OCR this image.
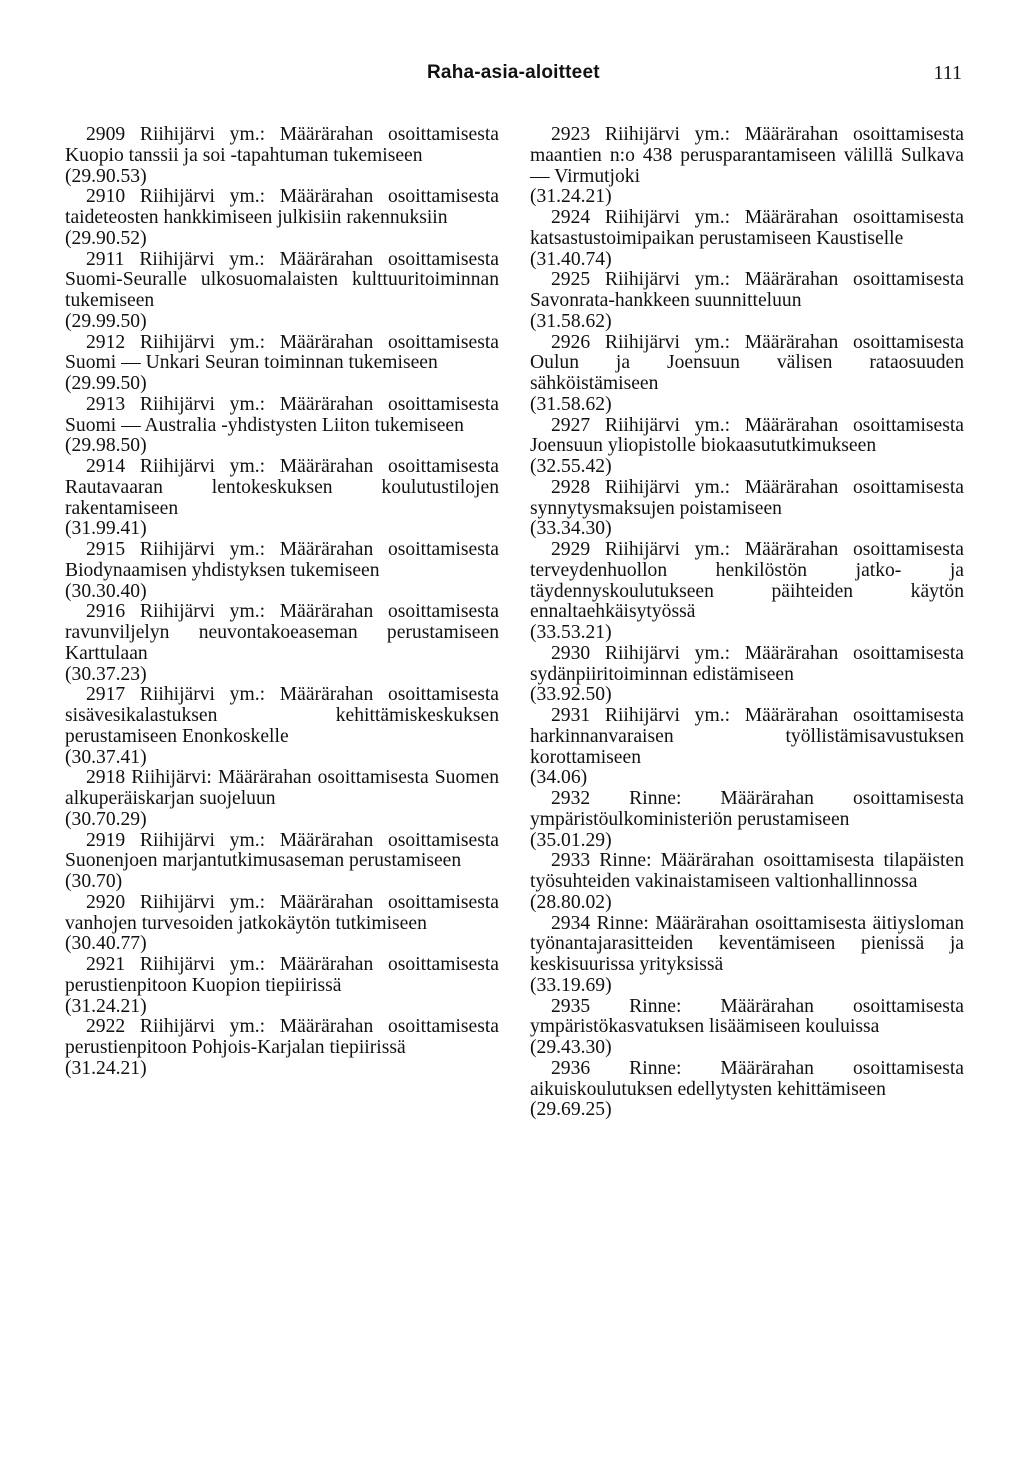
Raha-asia-aloitteet	111

2909 Riihijärvi ym.: Määrärahan osoittamisesta Kuopio tanssii ja soi -tapahtuman tukemiseen
(29.90.53)

2910 Riihijärvi ym.: Määrärahan osoittamisesta taideteosten hankkimiseen julkisiin rakennuksiin
(29.90.52)

2911 Riihijärvi ym.: Määrärahan osoittamisesta Suomi-Seuralle ulkosuomalaisten kulttuuritoiminnan tukemiseen
(29.99.50)

2912 Riihijärvi ym.: Määrärahan osoittamisesta Suomi — Unkari Seuran toiminnan tukemiseen
(29.99.50)

2913 Riihijärvi ym.: Määrärahan osoittamisesta Suomi — Australia -yhdistysten Liiton tukemiseen
(29.98.50)

2914 Riihijärvi ym.: Määrärahan osoittamisesta Rautavaaran lentokeskuksen koulutustilojen rakentamiseen
(31.99.41)

2915 Riihijärvi ym.: Määrärahan osoittamisesta Biodynaamisen yhdistyksen tukemiseen
(30.30.40)

2916 Riihijärvi ym.: Määrärahan osoittamisesta ravunviljelyn neuvontakoeaseman perustamiseen Karttulaan
(30.37.23)

2917 Riihijärvi ym.: Määrärahan osoittamisesta sisävesikalastuksen kehittämiskeskuksen perustamiseen Enonkoskelle
(30.37.41)

2918 Riihijärvi: Määrärahan osoittamisesta Suomen alkuperäiskarjan suojeluun
(30.70.29)

2919 Riihijärvi ym.: Määrärahan osoittamisesta Suonenjoen marjantutkimusaseman perustamiseen
(30.70)

2920 Riihijärvi ym.: Määrärahan osoittamisesta vanhojen turvesoiden jatkokäytön tutkimiseen
(30.40.77)

2921 Riihijärvi ym.: Määrärahan osoittamisesta perustienpitoon Kuopion tiepiirissä
(31.24.21)

2922 Riihijärvi ym.: Määrärahan osoittamisesta perustienpitoon Pohjois-Karjalan tiepiirissä
(31.24.21)

2923 Riihijärvi ym.: Määrärahan osoittamisesta maantien n:o 438 perusparantamiseen välillä Sulkava — Virmutjoki
(31.24.21)

2924 Riihijärvi ym.: Määrärahan osoittamisesta katsastustoimipaikan perustamiseen Kaustiselle
(31.40.74)

2925 Riihijärvi ym.: Määrärahan osoittamisesta Savonrata-hankkeen suunnitteluun
(31.58.62)

2926 Riihijärvi ym.: Määrärahan osoittamisesta Oulun ja Joensuun välisen rataosuuden sähköistämiseen
(31.58.62)

2927 Riihijärvi ym.: Määrärahan osoittamisesta Joensuun yliopistolle biokaasututkimukseen
(32.55.42)

2928 Riihijärvi ym.: Määrärahan osoittamisesta synnytysmaksujen poistamiseen
(33.34.30)

2929 Riihijärvi ym.: Määrärahan osoittamisesta terveydenhuollon henkilöstön jatko- ja täydennyskoulutukseen päihteiden käytön ennaltaehkäisytyössä
(33.53.21)

2930 Riihijärvi ym.: Määrärahan osoittamisesta sydänpiiritoiminnan edistämiseen
(33.92.50)

2931 Riihijärvi ym.: Määrärahan osoittamisesta harkinnanvaraisen työllistämisavustuksen korottamiseen
(34.06)

2932 Rinne: Määrärahan osoittamisesta ympäristöulkoministeriön perustamiseen
(35.01.29)

2933 Rinne: Määrärahan osoittamisesta tilapäisten työsuhteiden vakinaistamiseen valtionhallinnossa
(28.80.02)

2934 Rinne: Määrärahan osoittamisesta äitiysloman työnantajarasitteiden keventämiseen pienissä ja keskisuurissa yrityksissä
(33.19.69)

2935 Rinne: Määrärahan osoittamisesta ympäristökasvatuksen lisäämiseen kouluissa
(29.43.30)

2936 Rinne: Määrärahan osoittamisesta aikuiskoulutuksen edellytysten kehittämiseen
(29.69.25)
